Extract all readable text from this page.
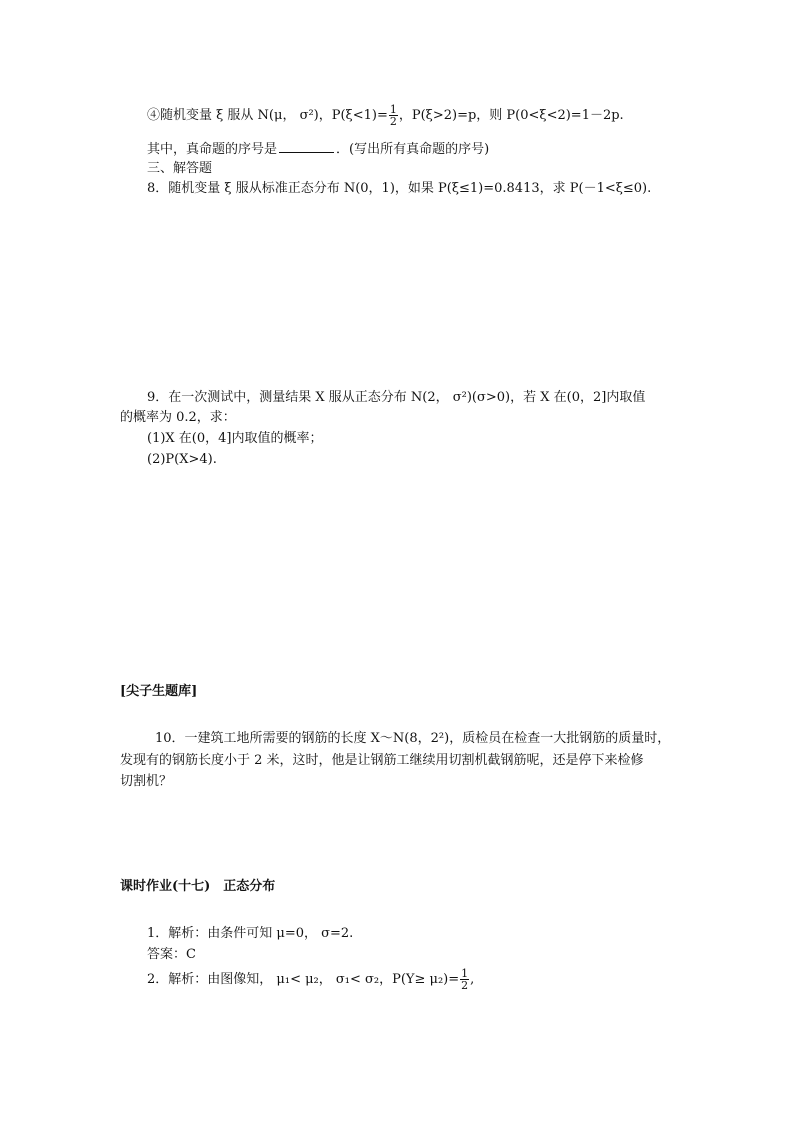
④随机变量 ξ 服从 N(μ， σ²)，$P(\xi<1)= \frac{1}{2}$ ，P(ξ>2)=p，则 P(0<ξ<2)=1－2p.
其中，真命题的序号是	．(写出所有真命题的序号)
三、解答题
8．随机变量 ξ 服从标准正态分布 N(0，1)，如果 P(ξ≤1)=0.8413，求 P(－1<ξ≤0).
9．在一次测试中，测量结果 X 服从正态分布 N(2， σ²)(σ>0)，若 X 在(0，2]内取值
的概率为 0.2，求：
(1)X 在(0，4]内取值的概率；
(2)P(X>4).
[尖子生题库]
10．一建筑工地所需要的钢筋的长度 X～N(8，2²)，质检员在检查一大批钢筋的质量时，
发现有的钢筋长度小于 2 米，这时，他是让钢筋工继续用切割机截钢筋呢，还是停下来检修
切割机？
课时作业(十七)　正态分布
1．解析：由条件可知 μ=0， σ=2.
答案：C
2．解析：由图像知， μ₁< μ₂， σ₁< σ₂，$P(Y\ge \mu_2)= \frac{1}{2}$ ,
